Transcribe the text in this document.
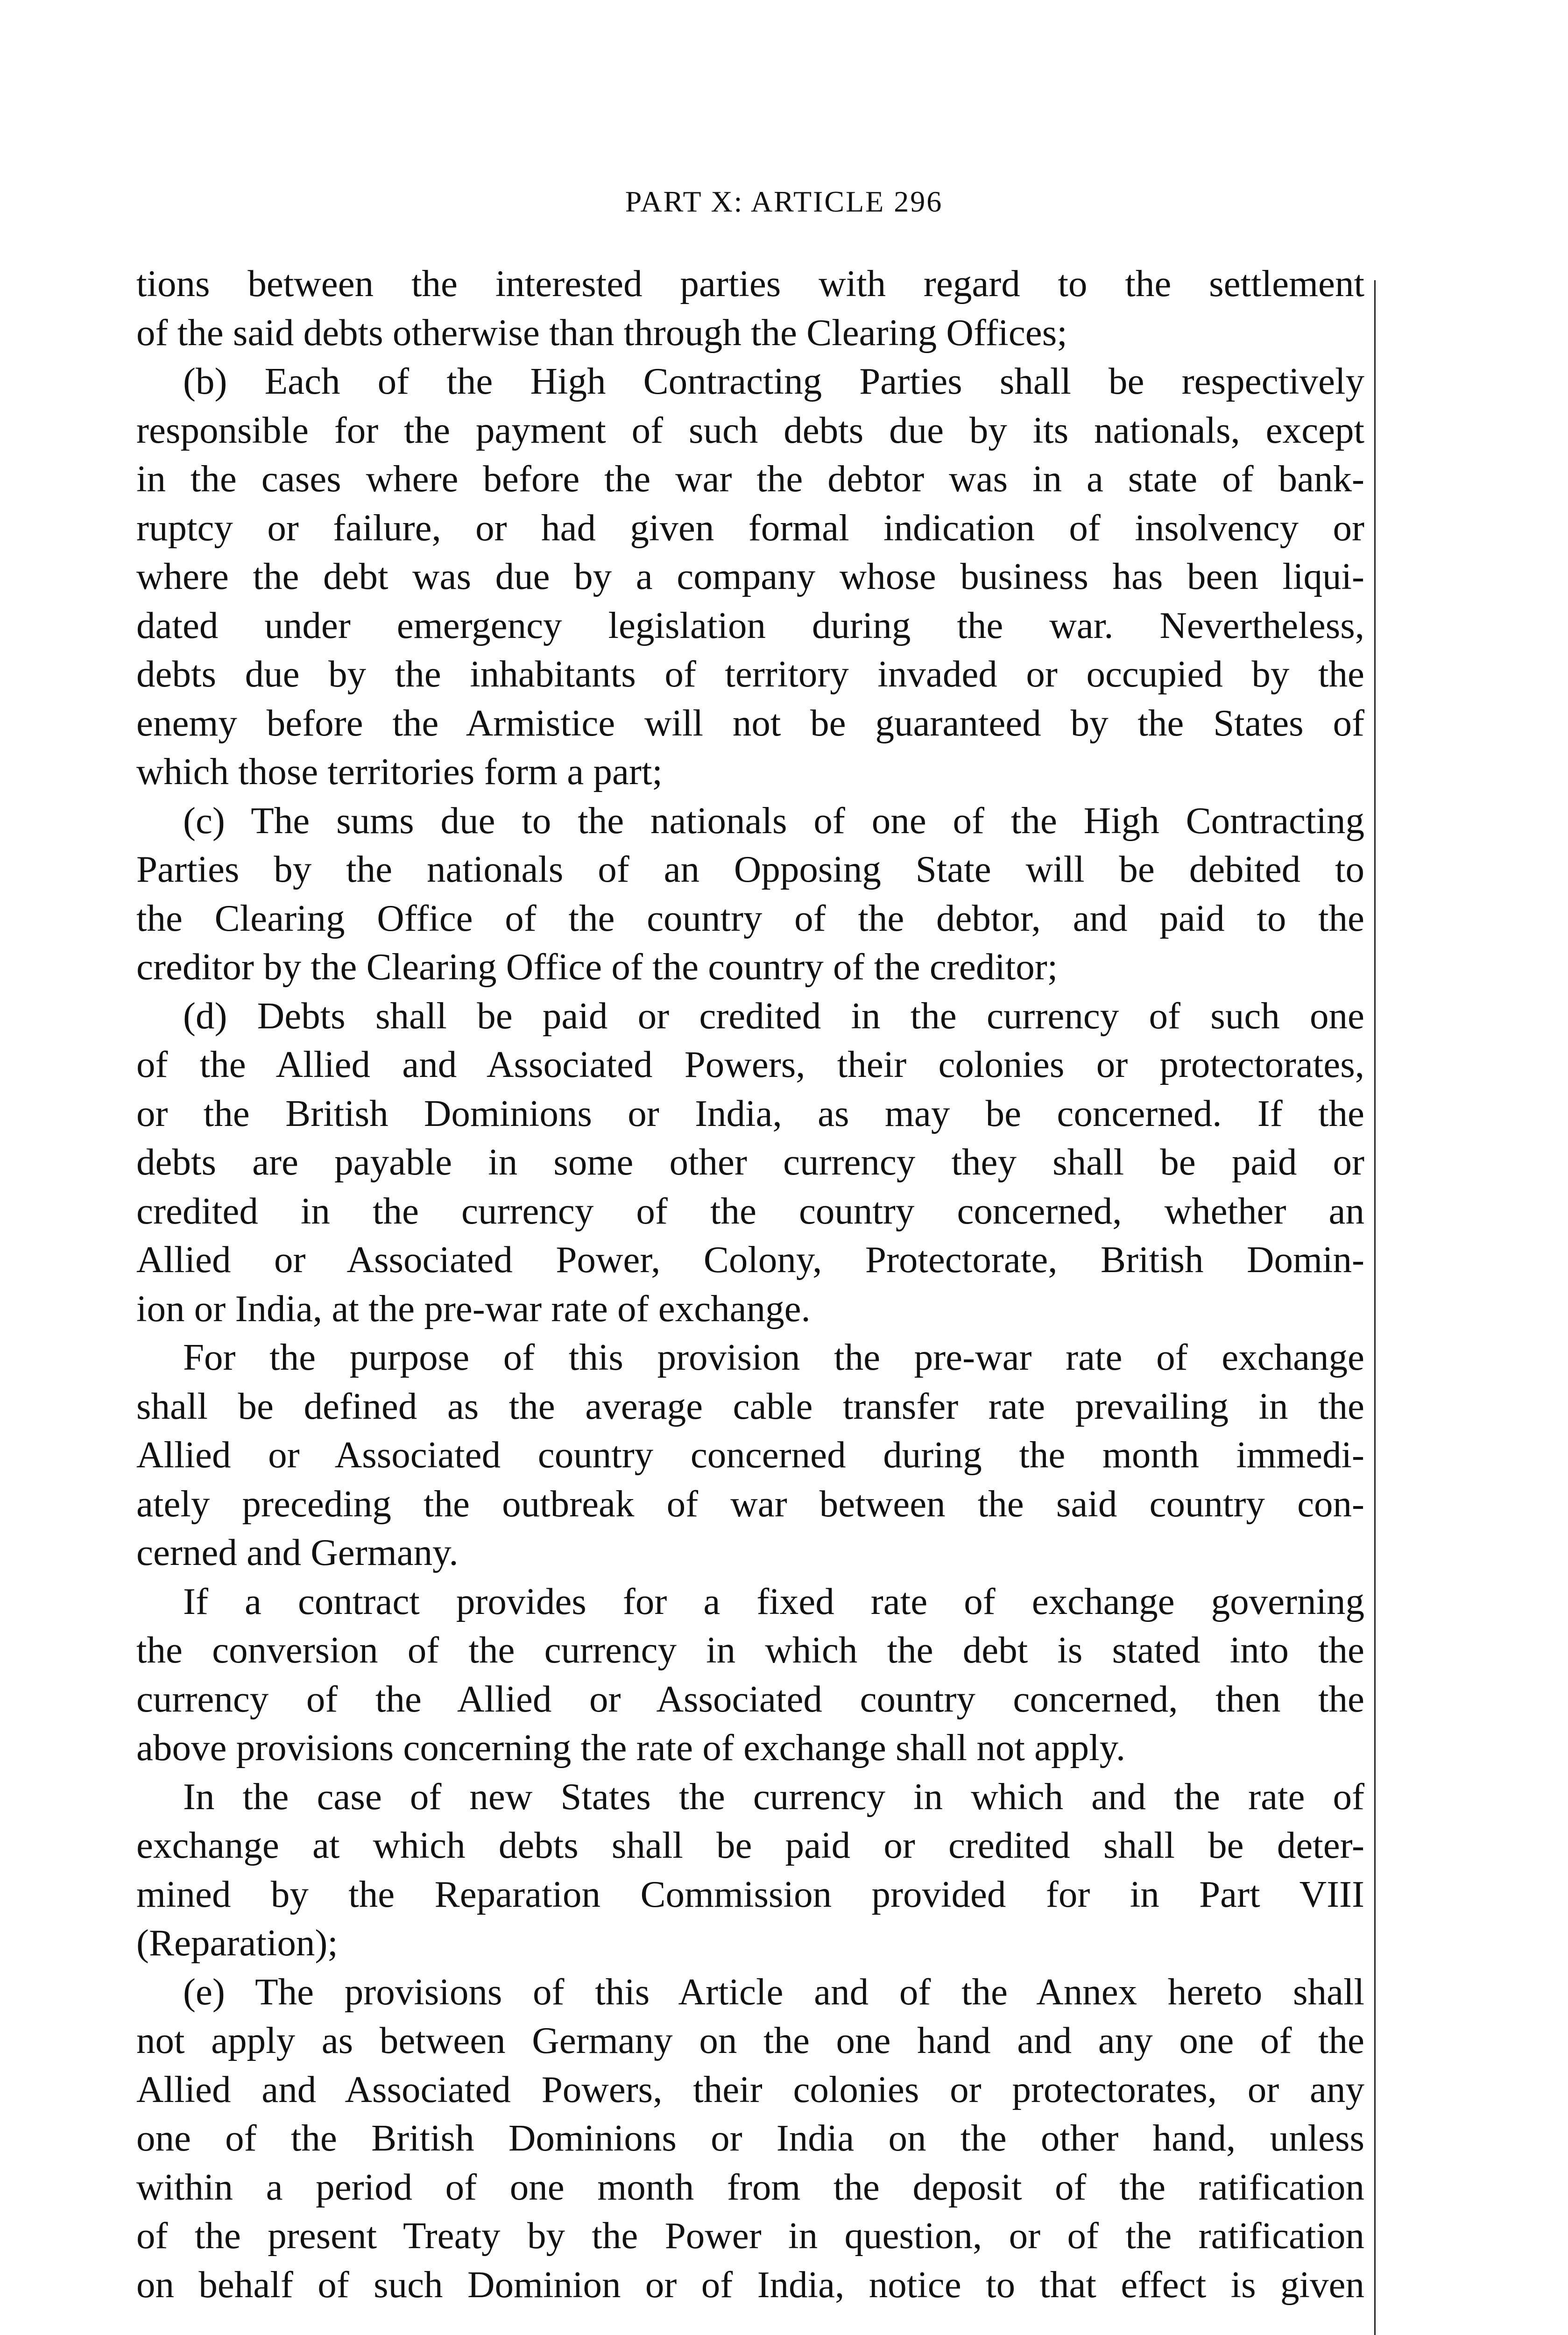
PART X: ARTICLE 296
tions between the interested parties with regard to the settlement
of the said debts otherwise than through the Clearing Offices;
(b) Each of the High Contracting Parties shall be respectively
responsible for the payment of such debts due by its nationals, except
in the cases where before the war the debtor was in a state of bank-
ruptcy or failure, or had given formal indication of insolvency or
where the debt was due by a company whose business has been liqui-
dated under emergency legislation during the war. Nevertheless,
debts due by the inhabitants of territory invaded or occupied by the
enemy before the Armistice will not be guaranteed by the States of
which those territories form a part;
(c) The sums due to the nationals of one of the High Contracting
Parties by the nationals of an Opposing State will be debited to
the Clearing Office of the country of the debtor, and paid to the
creditor by the Clearing Office of the country of the creditor;
(d) Debts shall be paid or credited in the currency of such one
of the Allied and Associated Powers, their colonies or protectorates,
or the British Dominions or India, as may be concerned. If the
debts are payable in some other currency they shall be paid or
credited in the currency of the country concerned, whether an
Allied or Associated Power, Colony, Protectorate, British Domin-
ion or India, at the pre-war rate of exchange.
For the purpose of this provision the pre-war rate of exchange
shall be defined as the average cable transfer rate prevailing in the
Allied or Associated country concerned during the month immedi-
ately preceding the outbreak of war between the said country con-
cerned and Germany.
If a contract provides for a fixed rate of exchange governing
the conversion of the currency in which the debt is stated into the
currency of the Allied or Associated country concerned, then the
above provisions concerning the rate of exchange shall not apply.
In the case of new States the currency in which and the rate of
exchange at which debts shall be paid or credited shall be deter-
mined by the Reparation Commission provided for in Part VIII
(Reparation);
(e) The provisions of this Article and of the Annex hereto shall
not apply as between Germany on the one hand and any one of the
Allied and Associated Powers, their colonies or protectorates, or any
one of the British Dominions or India on the other hand, unless
within a period of one month from the deposit of the ratification
of the present Treaty by the Power in question, or of the ratification
on behalf of such Dominion or of India, notice to that effect is given
